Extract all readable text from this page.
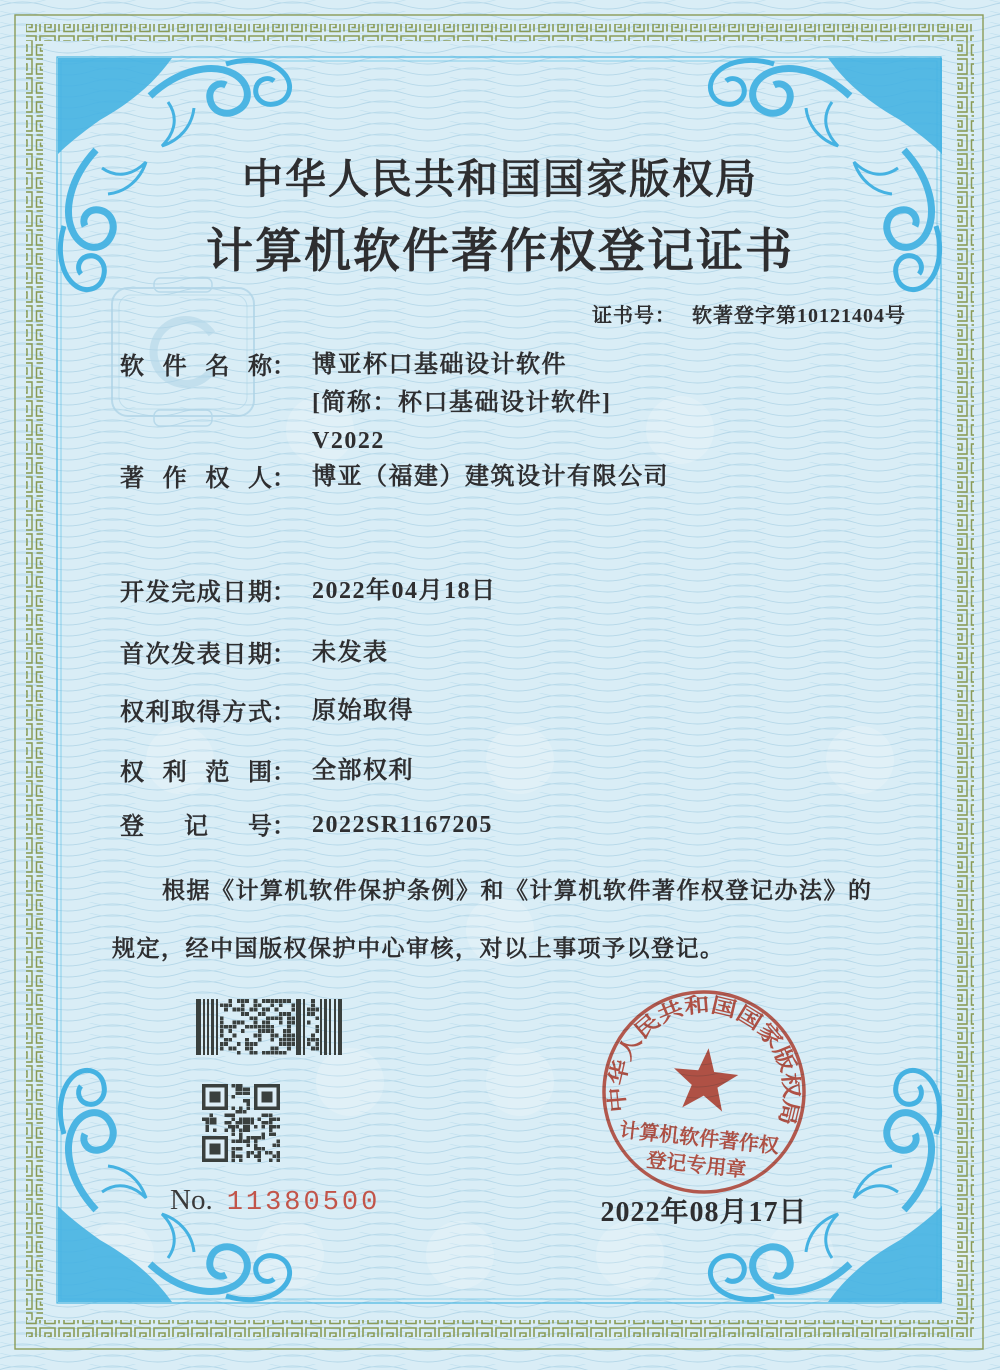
中华人民共和国国家版权局
计算机软件著作权登记证书
证书号： 软著登字第10121404号
软件名称 ： 博亚杯口基础设计软件
[简称：杯口基础设计软件]
V2022
著作权人 ： 博亚（福建）建筑设计有限公司
开发完成日期 ： 2022年04月18日
首次发表日期 ： 未发表
权利取得方式 ： 原始取得
权利范围 ： 全部权利
登记号 ： 2022SR1167205
根据《计算机软件保护条例》和《计算机软件著作权登记办法》的
规定，经中国版权保护中心审核，对以上事项予以登记。
No. 11380500
中华人民共和国国家版权局
计算机软件著作权
登记专用章
2022年08月17日
